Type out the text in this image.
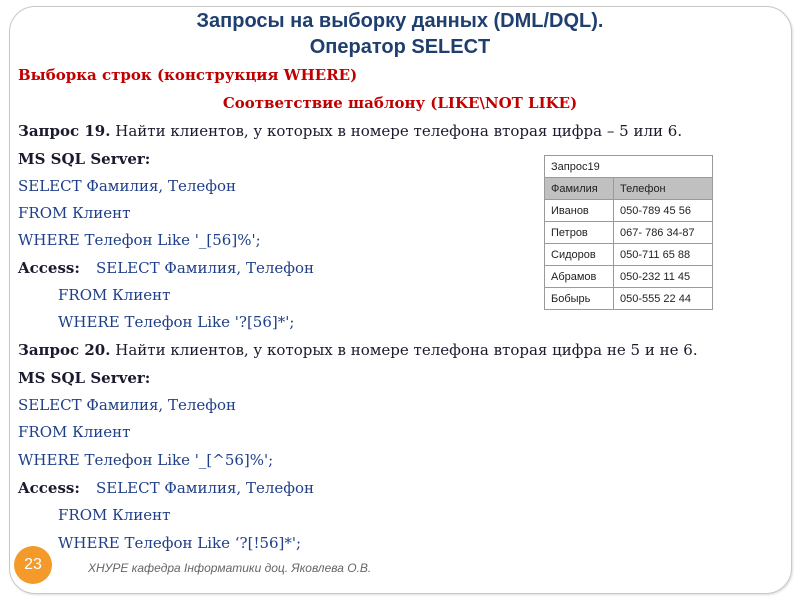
Запросы на выборку данных (DML/DQL).
Оператор SELECT
Выборка строк (конструкция WHERE)
Соответствие шаблону (LIKE\NOT LIKE)
Запрос 19. Найти клиентов, у которых в номере телефона вторая цифра – 5 или 6.
MS SQL Server:
SELECT Фамилия, Телефон
FROM Клиент
WHERE Телефон Like '_[56]%';
Access: SELECT Фамилия, Телефон
FROM Клиент
WHERE Телефон Like '?[56]*';
Запрос 20. Найти клиентов, у которых в номере телефона вторая цифра не 5 и не 6.
MS SQL Server:
SELECT Фамилия, Телефон
FROM Клиент
WHERE Телефон Like '_[^56]%';
Access: SELECT Фамилия, Телефон
FROM Клиент
WHERE Телефон Like ‘?[!56]*';
Запрос19	
Фамилия	Телефон
Иванов	050-789 45 56
Петров	067- 786 34-87
Сидоров	050-711 65 88
Абрамов	050-232 11 45
Бобырь	050-555 22 44
23	ХНУРЕ кафедра Інформатики доц. Яковлева О.В.
